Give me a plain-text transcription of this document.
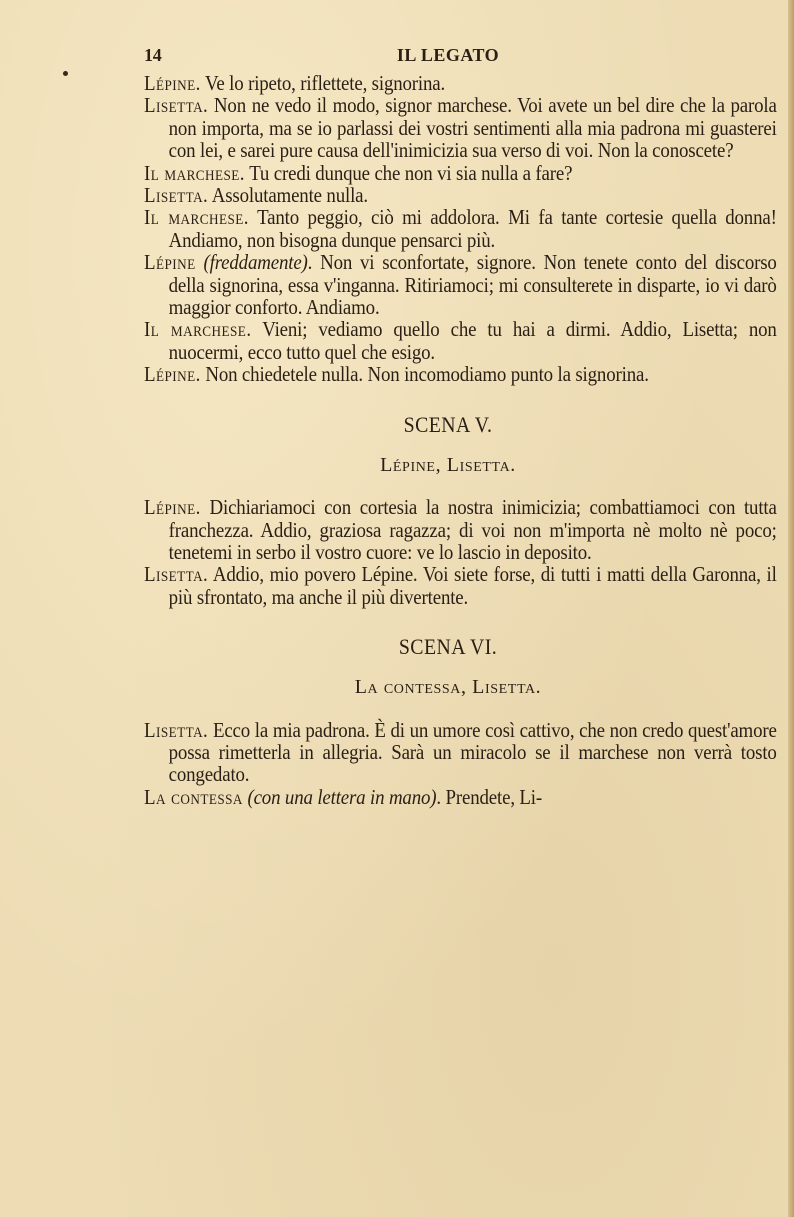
14	IL LEGATO
Lépine. Ve lo ripeto, riflettete, signorina.
Lisetta. Non ne vedo il modo, signor marchese. Voi avete un bel dire che la parola non importa, ma se io parlassi dei vostri sentimenti alla mia padrona mi guasterei con lei, e sarei pure causa dell'inimicizia sua verso di voi. Non la conoscete?
Il marchese. Tu credi dunque che non vi sia nulla a fare?
Lisetta. Assolutamente nulla.
Il marchese. Tanto peggio, ciò mi addolora. Mi fa tante cortesie quella donna! Andiamo, non bisogna dunque pensarci più.
Lépine (freddamente). Non vi sconfortate, signore. Non tenete conto del discorso della signorina, essa v'inganna. Ritiriamoci; mi consulterete in disparte, io vi darò maggior conforto. Andiamo.
Il marchese. Vieni; vediamo quello che tu hai a dirmi. Addio, Lisetta; non nuocermi, ecco tutto quel che esigo.
Lépine. Non chiedetele nulla. Non incomodiamo punto la signorina.
SCENA V.
Lépine, Lisetta.
Lépine. Dichiariamoci con cortesia la nostra inimicizia; combattiamoci con tutta franchezza. Addio, graziosa ragazza; di voi non m'importa nè molto nè poco; tenetemi in serbo il vostro cuore: ve lo lascio in deposito.
Lisetta. Addio, mio povero Lépine. Voi siete forse, di tutti i matti della Garonna, il più sfrontato, ma anche il più divertente.
SCENA VI.
La contessa, Lisetta.
Lisetta. Ecco la mia padrona. È di un umore così cattivo, che non credo quest'amore possa rimetterla in allegria. Sarà un miracolo se il marchese non verrà tosto congedato.
La contessa (con una lettera in mano). Prendete, Li-
